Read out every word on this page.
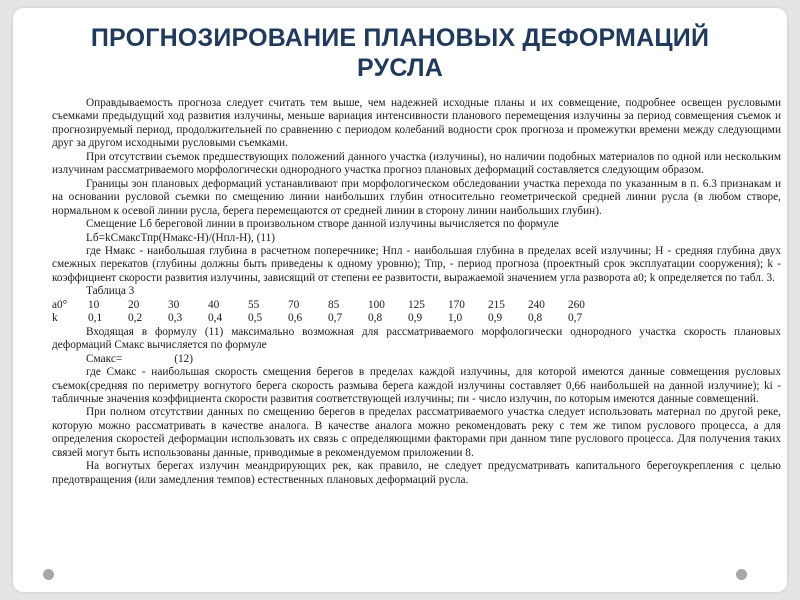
ПРОГНОЗИРОВАНИЕ ПЛАНОВЫХ ДЕФОРМАЦИЙ
РУСЛА

Оправдываемость прогноза следует считать тем выше, чем надежней исходные планы и их совмещение, подробнее освещен русловыми съемками предыдущий ход развития излучины, меньше вариация интенсивности планового перемещения излучины за период совмещения съемок и прогнозируемый период, продолжительней по сравнению с периодом колебаний водности срок прогноза и промежутки времени между следующими друг за другом исходными русловыми съемками.

При отсутствии съемок предшествующих положений данного участка (излучины), но наличии подобных материалов по одной или нескольким излучинам рассматриваемого морфологически однородного участка прогноз плановых деформаций составляется следующим образом.

Границы зон плановых деформаций устанавливают при морфологическом обследовании участка перехода по указанным в п. 6.3 признакам и на основании русловой съемки по смещению линии наибольших глубин относительно геометрической средней линии русла (в любом створе, нормальном к осевой линии русла, берега перемещаются от средней линии в сторону линии наибольших глубин).

Смещение Lб береговой линии в произвольном створе данной излучины вычисляется по формуле

Lб=kСмаксТпр(Нмакс-Н)/(Нпл-Н), (11)

где Нмакс - наибольшая глубина в расчетном поперечнике; Нпл - наибольшая глубина в пределах всей излучины; Н - средняя глубина двух смежных перекатов (глубины должны быть приведены к одному уровню); Тпр, - период прогноза (проектный срок эксплуатации сооружения); k - коэффициент скорости развития излучины, зависящий от степени ее развитости, выражаемой значением угла разворота a0; k определяется по табл. 3.

Таблица 3

a0°	10	20	30	40	55	70	85	100	125	170	215	240	260
k	0,1	0,2	0,3	0,4	0,5	0,6	0,7	0,8	0,9	1,0	0,9	0,8	0,7

Входящая в формулу (11) максимально возможная для рассматриваемого морфологически однородного участка скорость плановых деформаций Смакс вычисляется по формуле

Смакс=	(12)

где Смакс - наибольшая скорость смещения берегов в пределах каждой излучины, для которой имеются данные совмещения русловых съемок(средняя по периметру вогнутого берега скорость размыва берега каждой излучины составляет 0,66 наибольшей на данной излучине); ki - табличные значения коэффициента скорости развития соответствующей излучины; пи - число излучин, по которым имеются данные совмещений.

При полном отсутствии данных по смещению берегов в пределах рассматриваемого участка следует использовать материал по другой реке, которую можно рассматривать в качестве аналога. В качестве аналога можно рекомендовать реку с тем же типом руслового процесса, а для определения скоростей деформации использовать их связь с определяющими факторами при данном типе руслового процесса. Для получения таких связей могут быть использованы данные, приводимые в рекомендуемом приложении 8.

На вогнутых берегах излучин меандрирующих рек, как правило, не следует предусматривать капитального берегоукрепления с целью предотвращения (или замедления темпов) естественных плановых деформаций русла.
